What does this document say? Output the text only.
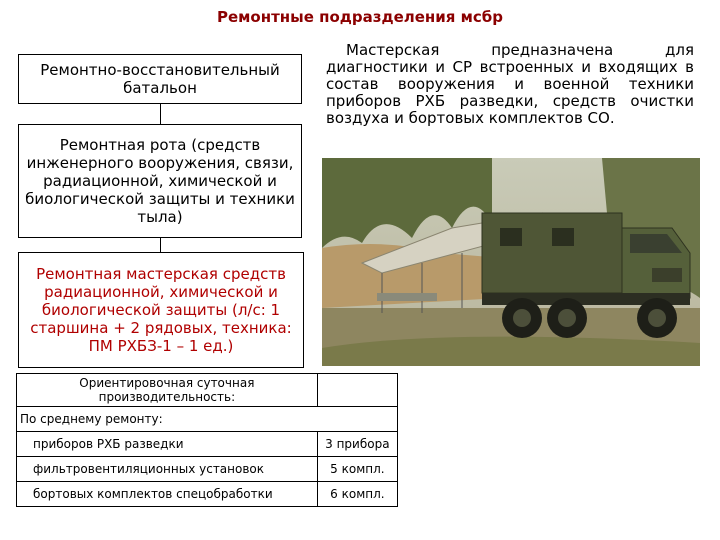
Ремонтные подразделения мсбр
Ремонтно-восстановительный батальон
Ремонтная рота (средств инженерного вооружения, связи, радиационной, химической и биологической защиты и техники тыла)
Ремонтная мастерская средств радиационной, химической и биологической защиты (л/с: 1 старшина + 2 рядовых, техника: ПМ РХБЗ-1 – 1 ед.)
Мастерская предназначена для диагностики и СР встроенных и входящих в состав вооружения и военной техники приборов РХБ разведки, средств очистки воздуха и бортовых комплектов СО.
Ориентировочная суточная производительность:	
По среднему ремонту:	
приборов РХБ разведки	3 прибора
фильтровентиляционных установок	5 компл.
бортовых комплектов спецобработки	6 компл.
